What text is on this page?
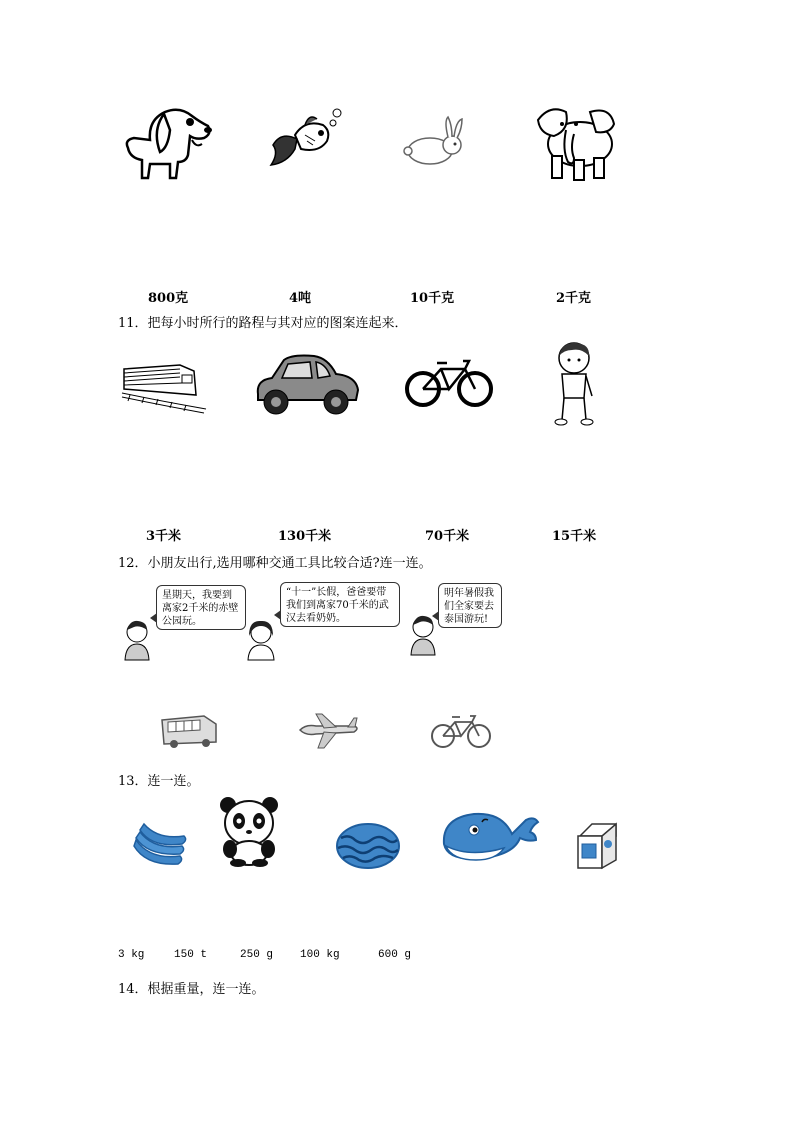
800克	4吨	10千克	2千克
11．把每小时所行的路程与其对应的图案连起来．
3千米	130千米	70千米	15千米
12．小朋友出行,选用哪种交通工具比较合适?连一连。
星期天，我要到离家2千米的赤壁公园玩。
“十一”长假，爸爸要带我们到离家70千米的武汉去看奶奶。
明年暑假我们全家要去泰国游玩!
13．连一连。
3 kg	150 t	250 g 100 kg	600 g
14．根据重量，连一连。
